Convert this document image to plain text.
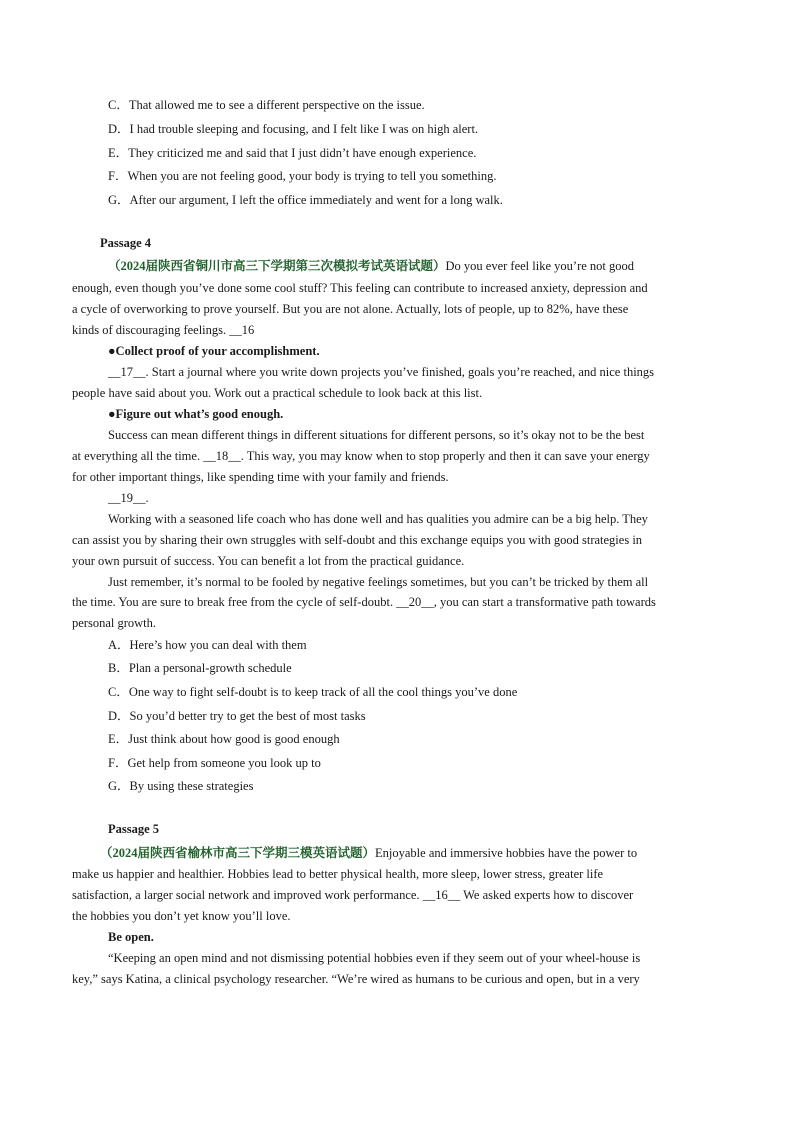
C．That allowed me to see a different perspective on the issue.
D．I had trouble sleeping and focusing, and I felt like I was on high alert.
E．They criticized me and said that I just didn’t have enough experience.
F．When you are not feeling good, your body is trying to tell you something.
G．After our argument, I left the office immediately and went for a long walk.
Passage 4
（2024届陕西省铜川市高三下学期第三次模拟考试英语试题）Do you ever feel like you’re not good
enough, even though you’ve done some cool stuff? This feeling can contribute to increased anxiety, depression and
a cycle of overworking to prove yourself. But you are not alone. Actually, lots of people, up to 82%, have these
kinds of discouraging feelings. __16
●Collect proof of your accomplishment.
__17__. Start a journal where you write down projects you’ve finished, goals you’re reached, and nice things
people have said about you. Work out a practical schedule to look back at this list.
●Figure out what’s good enough.
Success can mean different things in different situations for different persons, so it’s okay not to be the best
at everything all the time. __18__. This way, you may know when to stop properly and then it can save your energy
for other important things, like spending time with your family and friends.
__19__.
Working with a seasoned life coach who has done well and has qualities you admire can be a big help. They
can assist you by sharing their own struggles with self-doubt and this exchange equips you with good strategies in
your own pursuit of success. You can benefit a lot from the practical guidance.
Just remember, it’s normal to be fooled by negative feelings sometimes, but you can’t be tricked by them all
the time. You are sure to break free from the cycle of self-doubt. __20__, you can start a transformative path towards
personal growth.
A．Here’s how you can deal with them
B．Plan a personal-growth schedule
C．One way to fight self-doubt is to keep track of all the cool things you’ve done
D．So you’d better try to get the best of most tasks
E．Just think about how good is good enough
F．Get help from someone you look up to
G．By using these strategies
Passage 5
（2024届陕西省榆林市高三下学期三模英语试题）Enjoyable and immersive hobbies have the power to
make us happier and healthier. Hobbies lead to better physical health, more sleep, lower stress, greater life
satisfaction, a larger social network and improved work performance. __16__ We asked experts how to discover
the hobbies you don’t yet know you’ll love.
Be open.
“Keeping an open mind and not dismissing potential hobbies even if they seem out of your wheel-house is
key,” says Katina, a clinical psychology researcher. “We’re wired as humans to be curious and open, but in a very
